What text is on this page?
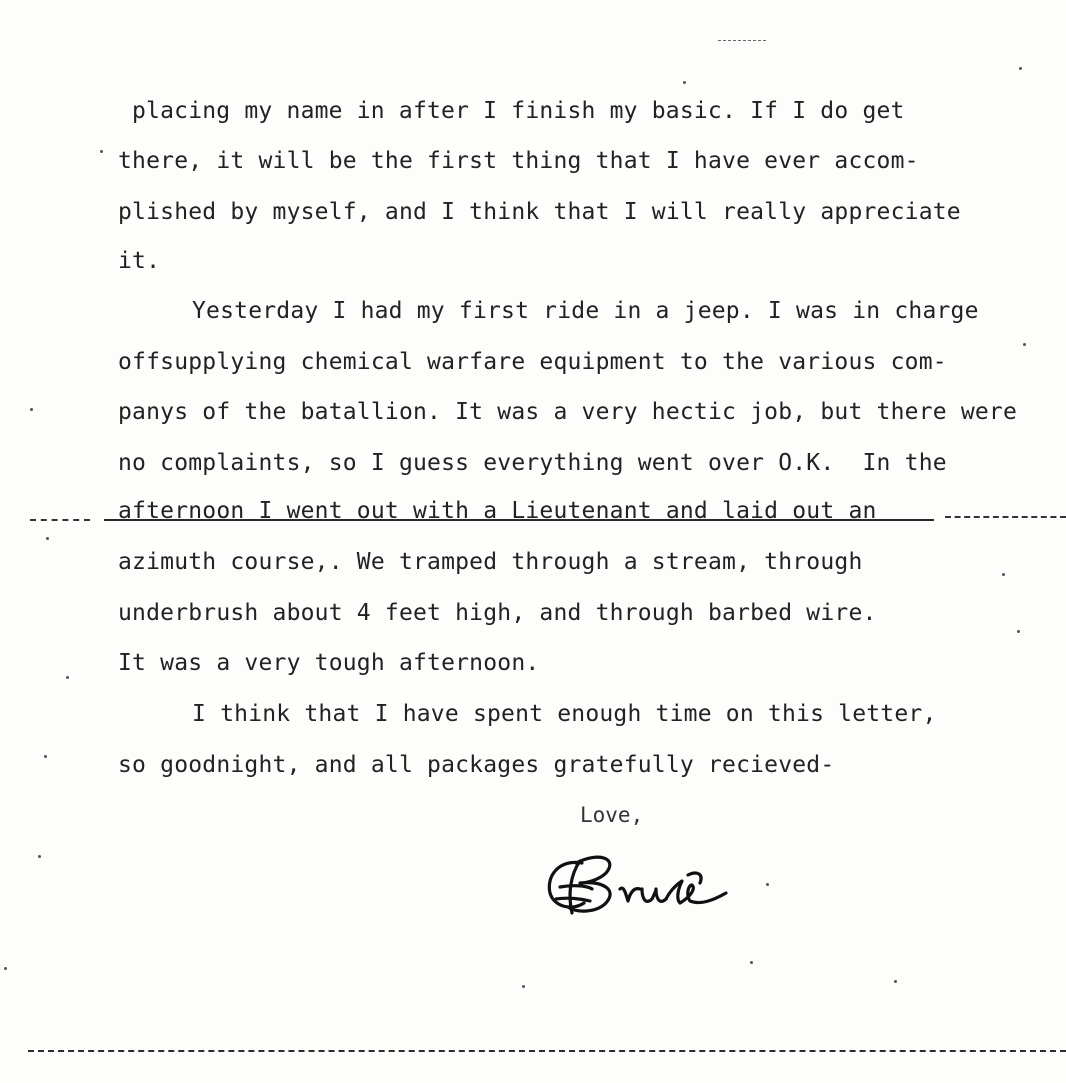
placing my name in after I finish my basic. If I do get
there, it will be the first thing that I have ever accom-
plished by myself, and I think that I will really appreciate
it.
Yesterday I had my first ride in a jeep. I was in charge
offsupplying chemical warfare equipment to the various com-
panys of the batallion. It was a very hectic job, but there were
no complaints, so I guess everything went over O.K.  In the
afternoon I went out with a Lieutenant and laid out an
azimuth course,. We tramped through a stream, through
underbrush about 4 feet high, and through barbed wire.
It was a very tough afternoon.
I think that I have spent enough time on this letter,
so goodnight, and all packages gratefully recieved-
Love,
